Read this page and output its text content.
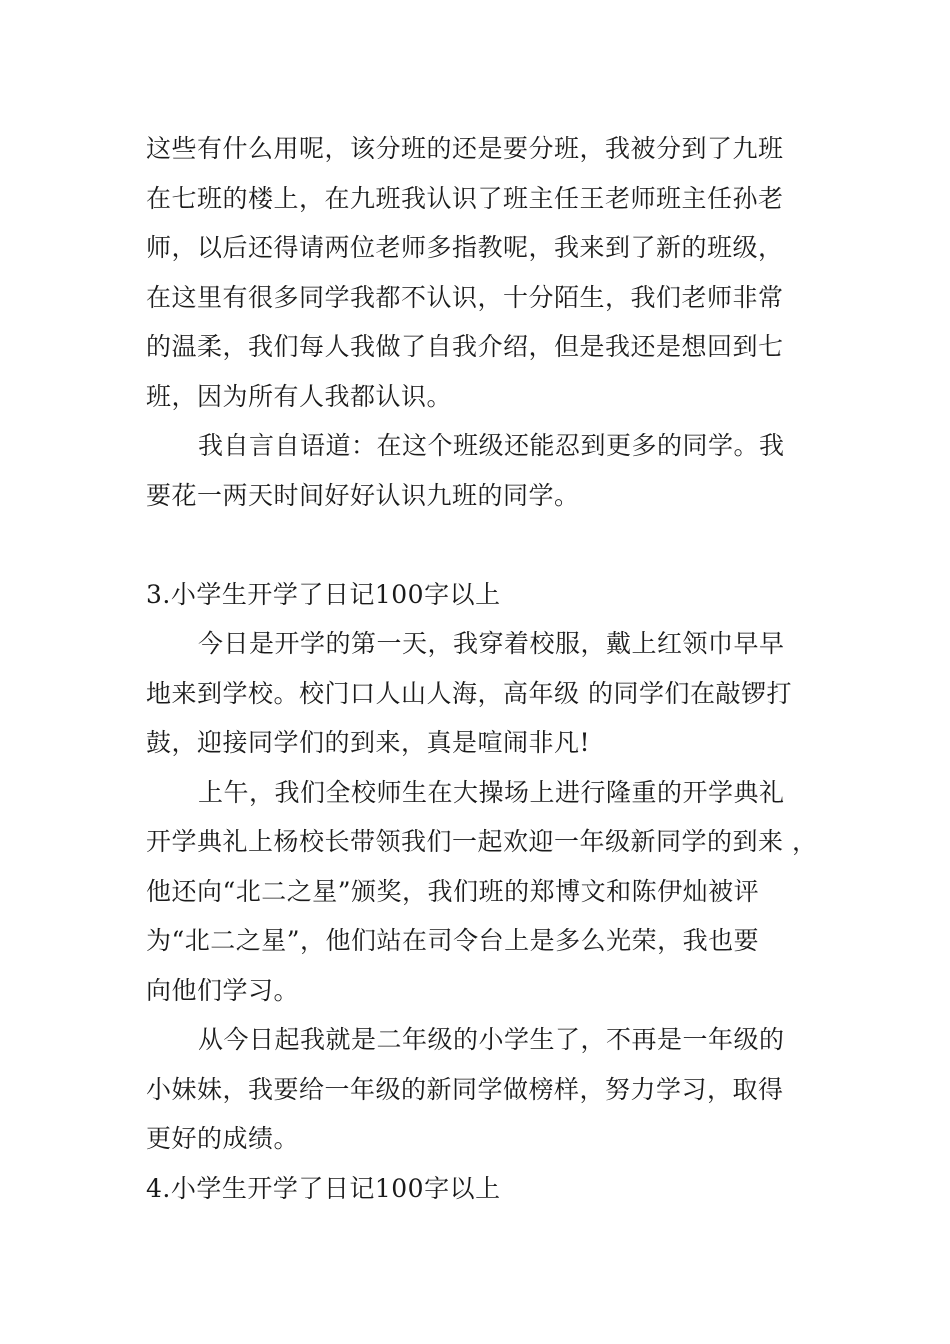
这些有什么用呢，该分班的还是要分班，我被分到了九班
在七班的楼上，在九班我认识了班主任王老师班主任孙老
师，以后还得请两位老师多指教呢，我来到了新的班级，
在这里有很多同学我都不认识，十分陌生，我们老师非常
的温柔，我们每人我做了自我介绍，但是我还是想回到七
班，因为所有人我都认识。
我自言自语道：在这个班级还能忍到更多的同学。我
要花一两天时间好好认识九班的同学。
3.小学生开学了日记100字以上
今日是开学的第一天，我穿着校服，戴上红领巾早早
地来到学校。校门口人山人海，高年级 的同学们在敲锣打
鼓，迎接同学们的到来，真是喧闹非凡!
上午，我们全校师生在大操场上进行隆重的开学典礼
开学典礼上杨校长带领我们一起欢迎一年级新同学的到来 ，
他还向“北二之星”颁奖，我们班的郑博文和陈伊灿被评
为“北二之星”，他们站在司令台上是多么光荣，我也要
向他们学习。
从今日起我就是二年级的小学生了，不再是一年级的
小妹妹，我要给一年级的新同学做榜样，努力学习，取得
更好的成绩。
4.小学生开学了日记100字以上
